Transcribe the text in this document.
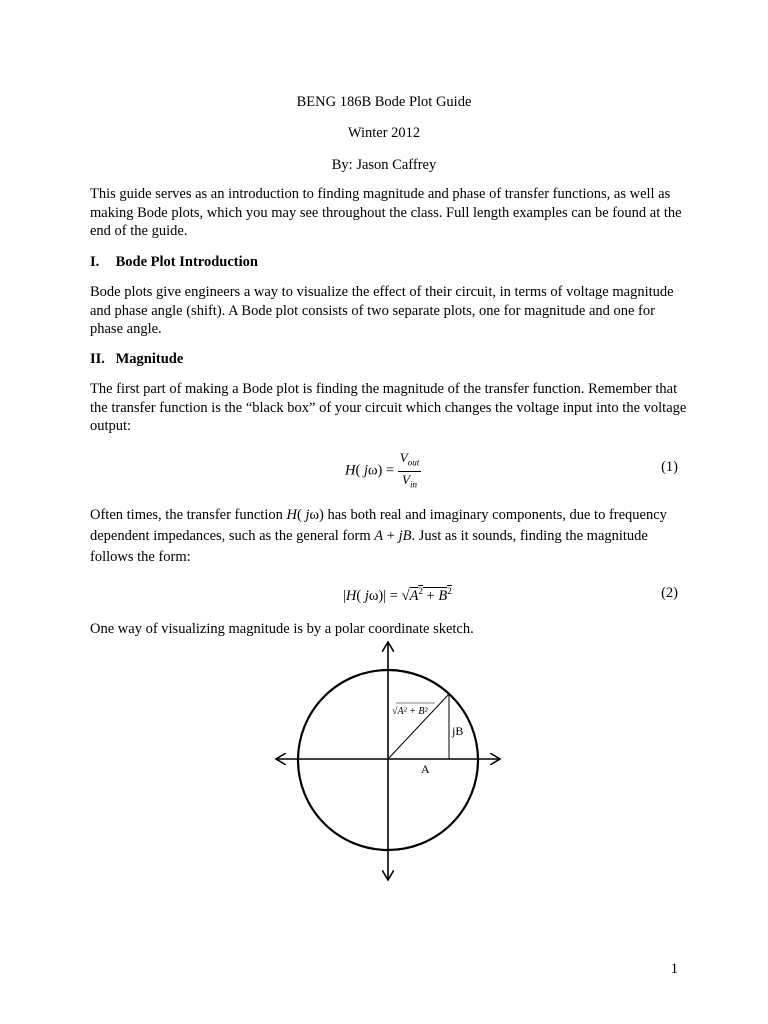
BENG 186B Bode Plot Guide
Winter 2012
By: Jason Caffrey

This guide serves as an introduction to finding magnitude and phase of transfer functions, as well as making Bode plots, which you may see throughout the class. Full length examples can be found at the end of the guide.

I. Bode Plot Introduction

Bode plots give engineers a way to visualize the effect of their circuit, in terms of voltage magnitude and phase angle (shift). A Bode plot consists of two separate plots, one for magnitude and one for phase angle.

II. Magnitude

The first part of making a Bode plot is finding the magnitude of the transfer function. Remember that the transfer function is the “black box” of your circuit which changes the voltage input into the voltage output:

H( $j\omega) = \frac{V_{out}}{V_{in}}$	(1)

Often times, the transfer function H( jω) has both real and imaginary components, due to frequency dependent impedances, such as the general form A + jB. Just as it sounds, finding the magnitude follows the form:

|H( $j\omega)| = √A^2 + B^2$	(2)

One way of visualizing magnitude is by a polar coordinate sketch.

√A² + B²
jB
A
1
